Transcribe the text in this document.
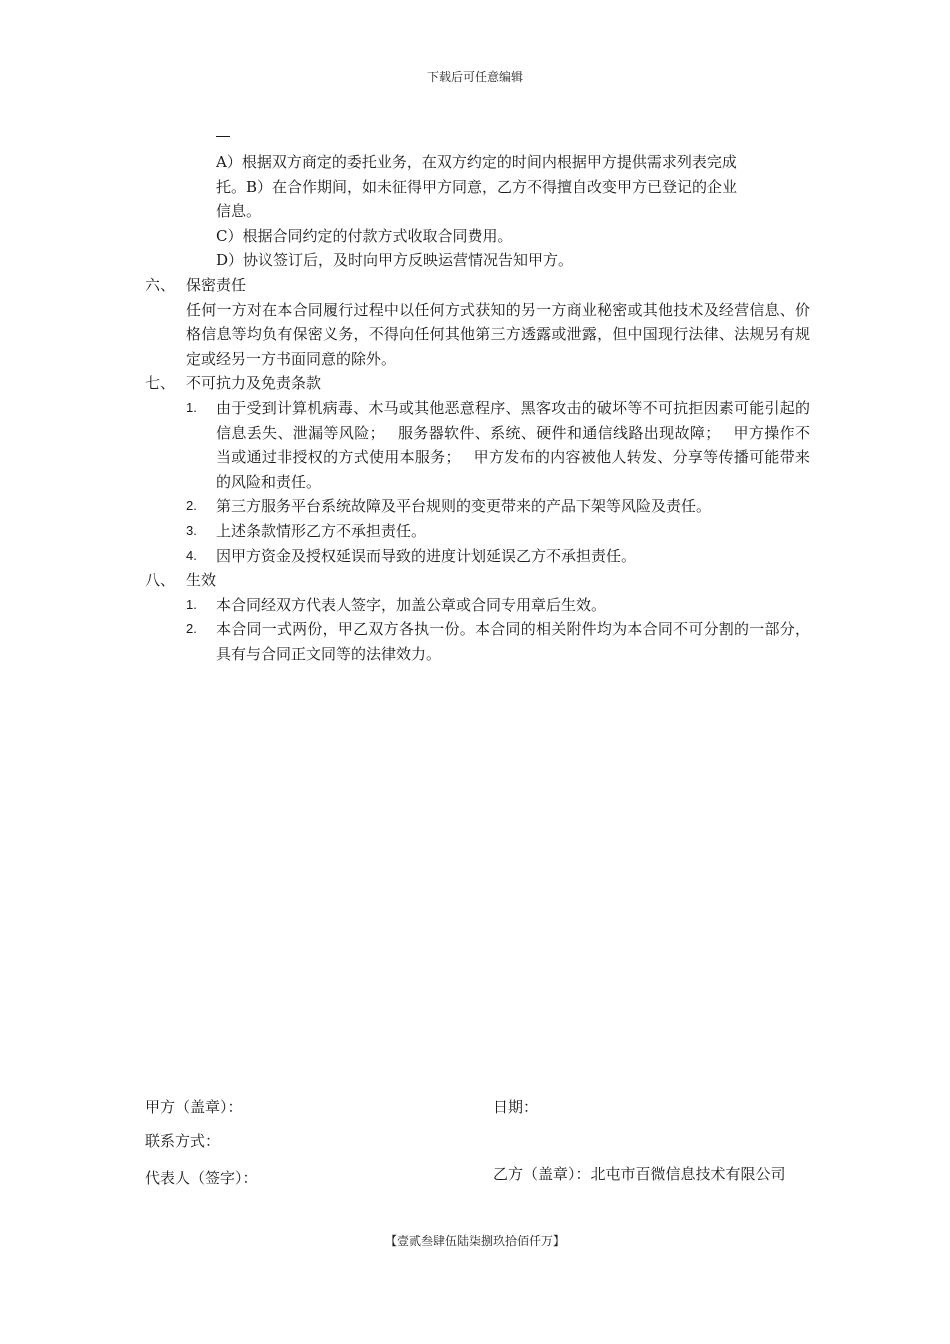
下载后可任意编辑
A）根据双方商定的委托业务，在双方约定的时间内根据甲方提供需求列表完成
托。B）在合作期间，如未征得甲方同意，乙方不得擅自改变甲方已登记的企业
信息。
C）根据合同约定的付款方式收取合同费用。
D）协议签订后，及时向甲方反映运营情况告知甲方。
六、 保密责任
任何一方对在本合同履行过程中以任何方式获知的另一方商业秘密或其他技术及经营信息、价格信息等均负有保密义务，不得向任何其他第三方透露或泄露，但中国现行法律、法规另有规定或经另一方书面同意的除外。
七、 不可抗力及免责条款
1. 由于受到计算机病毒、木马或其他恶意程序、黑客攻击的破坏等不可抗拒因素可能引起的信息丢失、泄漏等风险；　 服务器软件、系统、硬件和通信线路出现故障；　 甲方操作不当或通过非授权的方式使用本服务；　 甲方发布的内容被他人转发、分享等传播可能带来的风险和责任。
2. 第三方服务平台系统故障及平台规则的变更带来的产品下架等风险及责任。
3. 上述条款情形乙方不承担责任。
4. 因甲方资金及授权延误而导致的进度计划延误乙方不承担责任。
八、 生效
1. 本合同经双方代表人签字，加盖公章或合同专用章后生效。
2. 本合同一式两份，甲乙双方各执一份。本合同的相关附件均为本合同不可分割的一部分，具有与合同正文同等的法律效力。
甲方（盖章）：
联系方式：
代表人（签字）：
日期：
乙方（盖章）：北屯市百微信息技术有限公司
【壹贰叁肆伍陆柒捌玖拾佰仟万】
